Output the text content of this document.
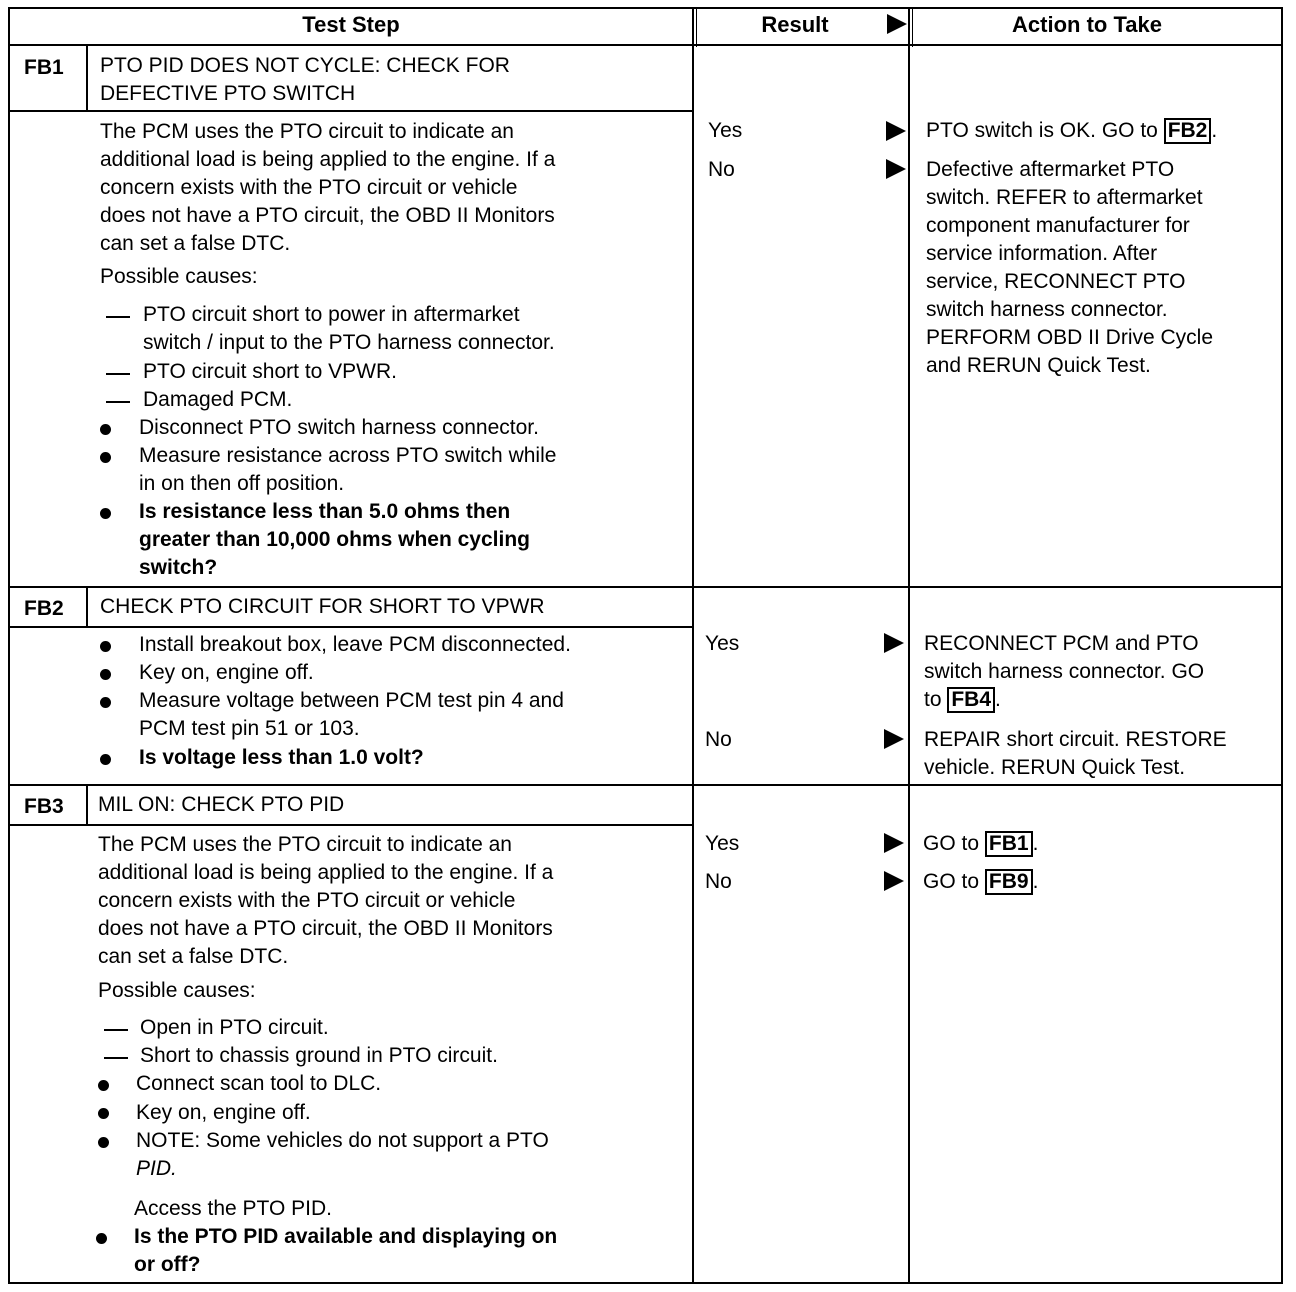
Test Step	Result	Action to Take
FB1 PTO PID DOES NOT CYCLE: CHECK FOR
DEFECTIVE PTO SWITCH
The PCM uses the PTO circuit to indicate an
additional load is being applied to the engine. If a
concern exists with the PTO circuit or vehicle
does not have a PTO circuit, the OBD II Monitors
can set a false DTC.
Possible causes:
PTO circuit short to power in aftermarket
switch / input to the PTO harness connector.
PTO circuit short to VPWR.
Damaged PCM.
Disconnect PTO switch harness connector.
Measure resistance across PTO switch while
in on then off position.
Is resistance less than 5.0 ohms then
greater than 10,000 ohms when cycling
switch?
Yes
No
PTO switch is OK. GO to FB2 .
Defective aftermarket PTO
switch. REFER to aftermarket
component manufacturer for
service information. After
service, RECONNECT PTO
switch harness connector.
PERFORM OBD II Drive Cycle
and RERUN Quick Test.
FB2 CHECK PTO CIRCUIT FOR SHORT TO VPWR
Install breakout box, leave PCM disconnected.
Key on, engine off.
Measure voltage between PCM test pin 4 and
PCM test pin 51 or 103.
Is voltage less than 1.0 volt?
Yes
No
RECONNECT PCM and PTO
switch harness connector. GO
to FB4 .
REPAIR short circuit. RESTORE
vehicle. RERUN Quick Test.
FB3 MIL ON: CHECK PTO PID
The PCM uses the PTO circuit to indicate an
additional load is being applied to the engine. If a
concern exists with the PTO circuit or vehicle
does not have a PTO circuit, the OBD II Monitors
can set a false DTC.
Possible causes:
Open in PTO circuit.
Short to chassis ground in PTO circuit.
Connect scan tool to DLC.
Key on, engine off.
NOTE: Some vehicles do not support a PTO
PID.
Access the PTO PID.
Is the PTO PID available and displaying on
or off?
Yes
No
GO to FB1 .
GO to FB9 .
